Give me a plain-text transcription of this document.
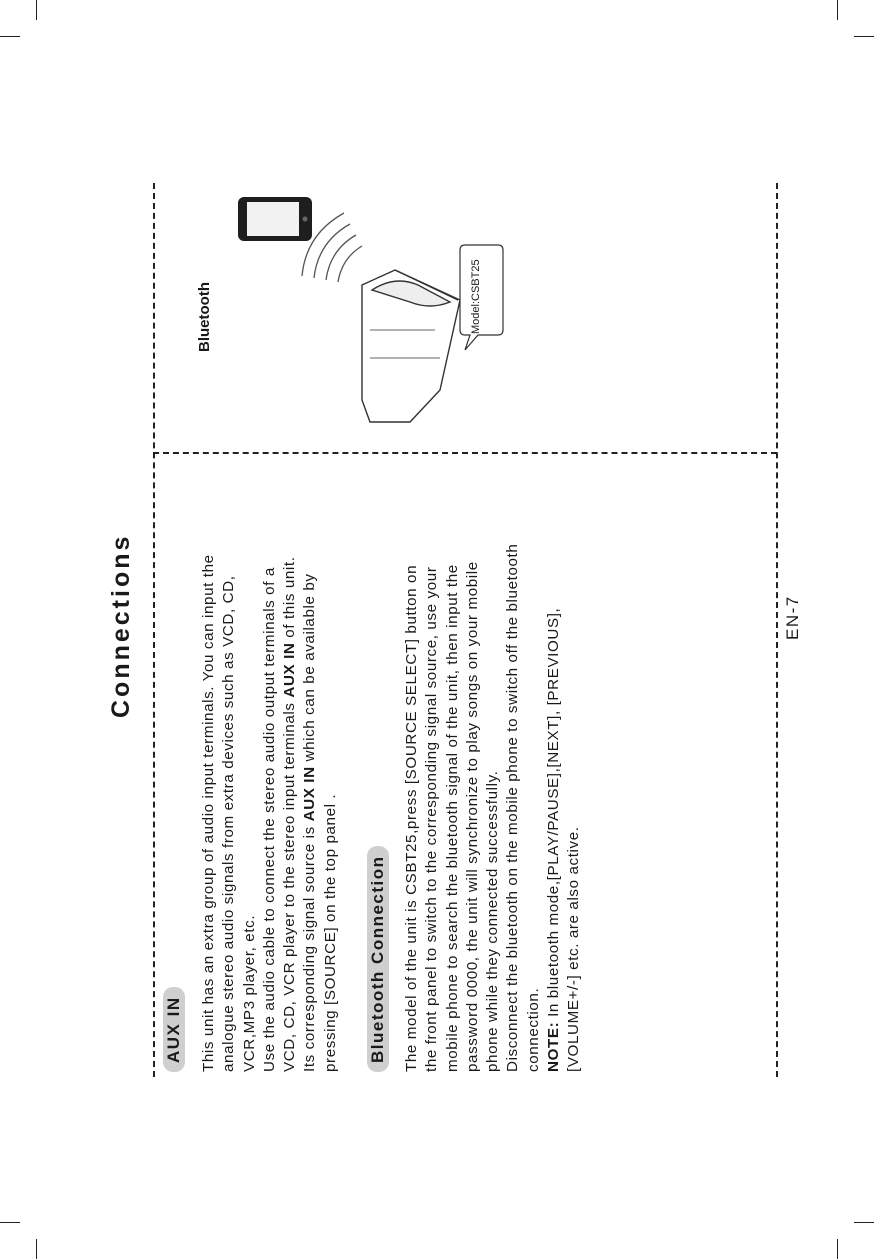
Connections
AUX IN This unit has an extra group of audio input terminals. You can input the analogue stereo audio signals from extra devices such as VCD, CD, VCR,MP3 player, etc. Use the audio cable to connect the stereo audio output terminals of a VCD, CD, VCR player to the stereo input terminals AUX IN of this unit.
Its corresponding signal source is AUX IN which can be available by
pressing [SOURCE] on the top panel . Bluetooth Connection The model of the unit is CSBT25,press [SOURCE SELECT] button on the front panel to switch to the corresponding signal source, use your mobile phone to search the bluetooth signal of the unit, then input the password 0000, the unit will synchronize to play songs on your mobile phone while they connected successfully. Disconnect the bluetooth on the mobile phone to switch off the bluetooth connection. NOTE: In bluetooth mode,[PLAY/PAUSE],[NEXT], [PREVIOUS], [VOLUME+/-] etc. are also active.
EN-7
Bluetooth	Model:CSBT25
